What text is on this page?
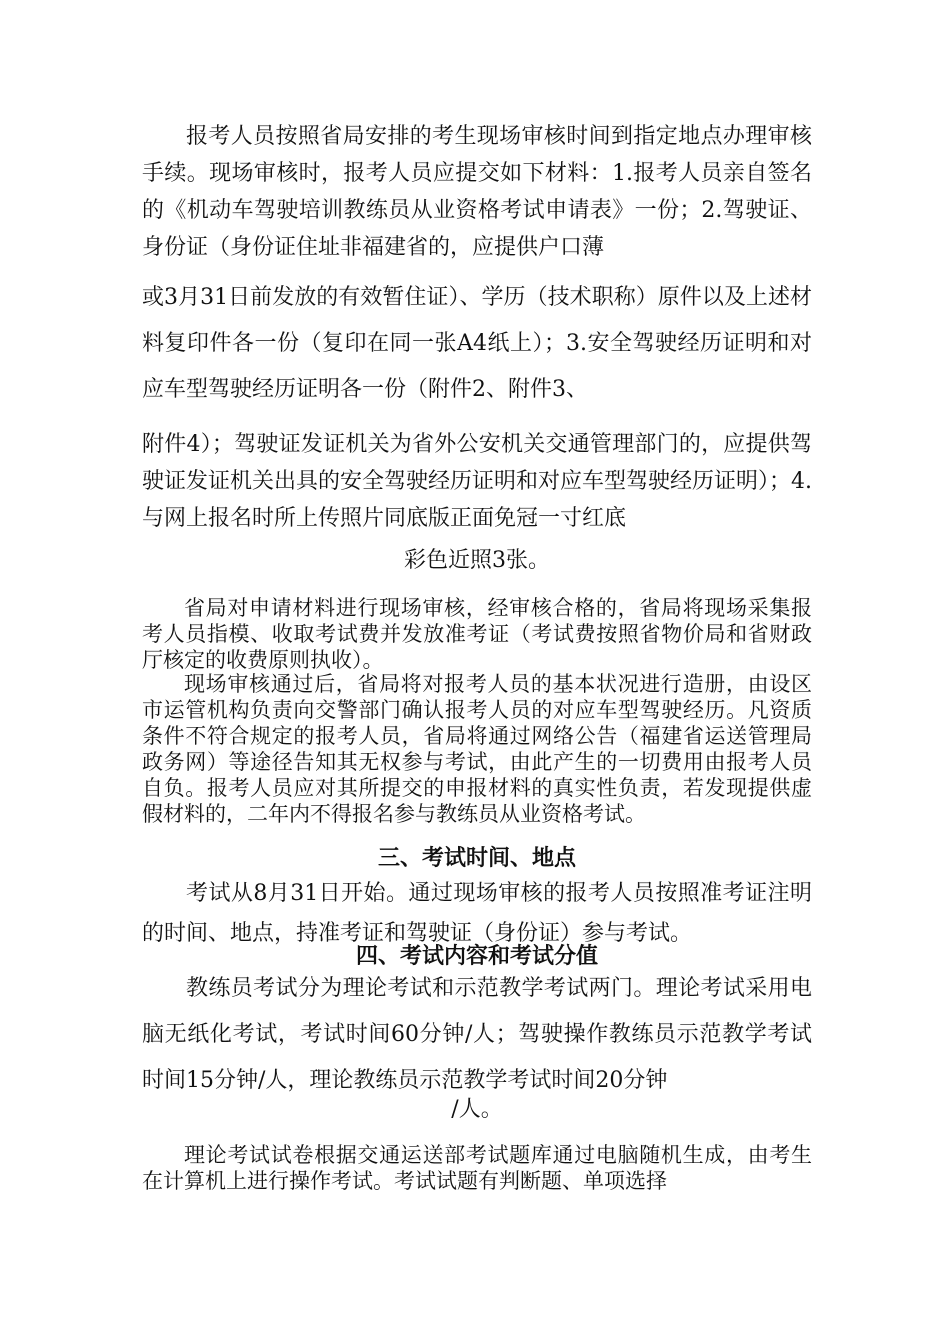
报考人员按照省局安排的考生现场审核时间到指定地点办理审核手续。现场审核时，报考人员应提交如下材料：1.报考人员亲自签名的《机动车驾驶培训教练员从业资格考试申请表》一份；2.驾驶证、身份证（身份证住址非福建省的，应提供户口薄

或3月31日前发放的有效暂住证）、学历（技术职称）原件以及上述材料复印件各一份（复印在同一张A4纸上）；3.安全驾驶经历证明和对应车型驾驶经历证明各一份（附件2、附件3、

附件4）；驾驶证发证机关为省外公安机关交通管理部门的，应提供驾驶证发证机关出具的安全驾驶经历证明和对应车型驾驶经历证明）；4.与网上报名时所上传照片同底版正面免冠一寸红底

彩色近照3张。

省局对申请材料进行现场审核，经审核合格的，省局将现场采集报考人员指模、收取考试费并发放准考证（考试费按照省物价局和省财政厅核定的收费原则执收）。

现场审核通过后，省局将对报考人员的基本状况进行造册，由设区市运管机构负责向交警部门确认报考人员的对应车型驾驶经历。凡资质条件不符合规定的报考人员，省局将通过网络公告（福建省运送管理局政务网）等途径告知其无权参与考试，由此产生的一切费用由报考人员自负。报考人员应对其所提交的申报材料的真实性负责，若发现提供虚假材料的，二年内不得报名参与教练员从业资格考试。

三、考试时间、地点

考试从8月31日开始。通过现场审核的报考人员按照准考证注明的时间、地点，持准考证和驾驶证（身份证）参与考试。

四、考试内容和考试分值

教练员考试分为理论考试和示范教学考试两门。理论考试采用电脑无纸化考试，考试时间60分钟/人；驾驶操作教练员示范教学考试时间15分钟/人，理论教练员示范教学考试时间20分钟

/人。

理论考试试卷根据交通运送部考试题库通过电脑随机生成，由考生在计算机上进行操作考试。考试试题有判断题、单项选择
